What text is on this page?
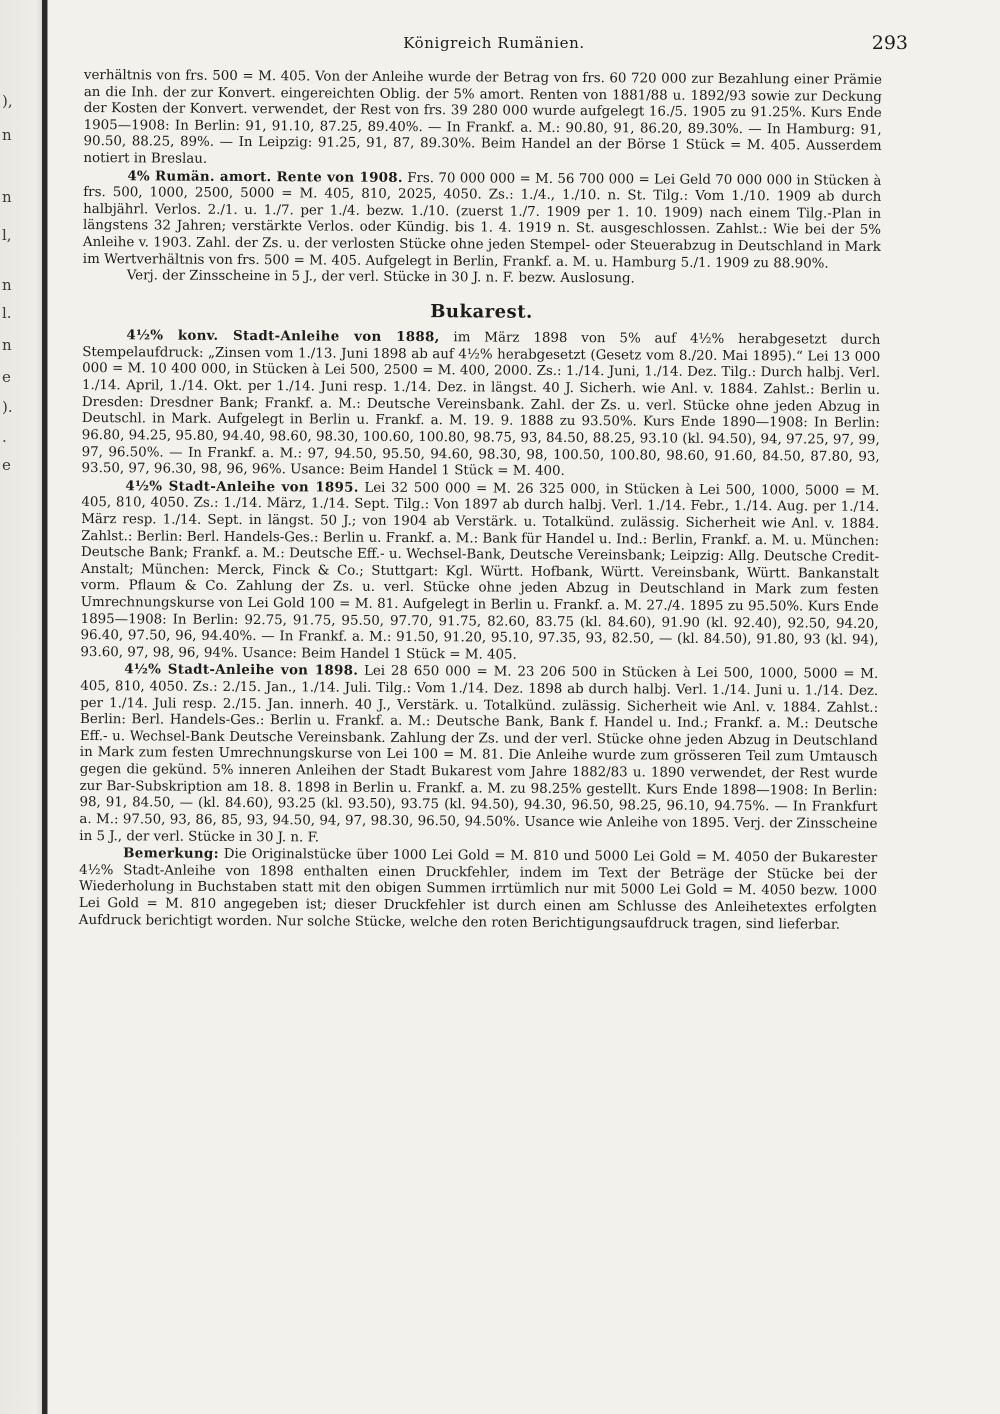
),
n
n
l,
n
l.
n
e
).
.
e
Königreich Rumänien.	293

verhältnis von frs. 500 = M. 405. Von der Anleihe wurde der Betrag von frs. 60 720 000 zur Bezahlung einer Prämie an die Inh. der zur Konvert. eingereichten Oblig. der 5% amort. Renten von 1881/88 u. 1892/93 sowie zur Deckung der Kosten der Konvert. verwendet, der Rest von frs. 39 280 000 wurde aufgelegt 16./5. 1905 zu 91.25%. Kurs Ende 1905—1908: In Berlin: 91, 91.10, 87.25, 89.40%. — In Frankf. a. M.: 90.80, 91, 86.20, 89.30%. — In Hamburg: 91, 90.50, 88.25, 89%. — In Leipzig: 91.25, 91, 87, 89.30%. Beim Handel an der Börse 1 Stück = M. 405. Ausserdem notiert in Breslau.

4% Rumän. amort. Rente von 1908. Frs. 70 000 000 = M. 56 700 000 = Lei Geld 70 000 000 in Stücken à frs. 500, 1000, 2500, 5000 = M. 405, 810, 2025, 4050. Zs.: 1./4., 1./10. n. St. Tilg.: Vom 1./10. 1909 ab durch halbjährl. Verlos. 2./1. u. 1./7. per 1./4. bezw. 1./10. (zuerst 1./7. 1909 per 1. 10. 1909) nach einem Tilg.-Plan in längstens 32 Jahren; verstärkte Verlos. oder Kündig. bis 1. 4. 1919 n. St. ausgeschlossen. Zahlst.: Wie bei der 5% Anleihe v. 1903. Zahl. der Zs. u. der verlosten Stücke ohne jeden Stempel- oder Steuerabzug in Deutschland in Mark im Wertverhältnis von frs. 500 = M. 405. Aufgelegt in Berlin, Frankf. a. M. u. Hamburg 5./1. 1909 zu 88.90%.

Verj. der Zinsscheine in 5 J., der verl. Stücke in 30 J. n. F. bezw. Auslosung.

Bukarest.

4½% konv. Stadt-Anleihe von 1888, im März 1898 von 5% auf 4½% herabgesetzt durch Stempelaufdruck: „Zinsen vom 1./13. Juni 1898 ab auf 4½% herabgesetzt (Gesetz vom 8./20. Mai 1895).“ Lei 13 000 000 = M. 10 400 000, in Stücken à Lei 500, 2500 = M. 400, 2000. Zs.: 1./14. Juni, 1./14. Dez. Tilg.: Durch halbj. Verl. 1./14. April, 1./14. Okt. per 1./14. Juni resp. 1./14. Dez. in längst. 40 J. Sicherh. wie Anl. v. 1884. Zahlst.: Berlin u. Dresden: Dresdner Bank; Frankf. a. M.: Deutsche Vereinsbank. Zahl. der Zs. u. verl. Stücke ohne jeden Abzug in Deutschl. in Mark. Aufgelegt in Berlin u. Frankf. a. M. 19. 9. 1888 zu 93.50%. Kurs Ende 1890—1908: In Berlin: 96.80, 94.25, 95.80, 94.40, 98.60, 98.30, 100.60, 100.80, 98.75, 93, 84.50, 88.25, 93.10 (kl. 94.50), 94, 97.25, 97, 99, 97, 96.50%. — In Frankf. a. M.: 97, 94.50, 95.50, 94.60, 98.30, 98, 100.50, 100.80, 98.60, 91.60, 84.50, 87.80, 93, 93.50, 97, 96.30, 98, 96, 96%. Usance: Beim Handel 1 Stück = M. 400.

4½% Stadt-Anleihe von 1895. Lei 32 500 000 = M. 26 325 000, in Stücken à Lei 500, 1000, 5000 = M. 405, 810, 4050. Zs.: 1./14. März, 1./14. Sept. Tilg.: Von 1897 ab durch halbj. Verl. 1./14. Febr., 1./14. Aug. per 1./14. März resp. 1./14. Sept. in längst. 50 J.; von 1904 ab Verstärk. u. Totalkünd. zulässig. Sicherheit wie Anl. v. 1884. Zahlst.: Berlin: Berl. Handels-Ges.: Berlin u. Frankf. a. M.: Bank für Handel u. Ind.: Berlin, Frankf. a. M. u. München: Deutsche Bank; Frankf. a. M.: Deutsche Eff.- u. Wechsel-Bank, Deutsche Vereinsbank; Leipzig: Allg. Deutsche Credit-Anstalt; München: Merck, Finck & Co.; Stuttgart: Kgl. Württ. Hofbank, Württ. Vereinsbank, Württ. Bankanstalt vorm. Pflaum & Co. Zahlung der Zs. u. verl. Stücke ohne jeden Abzug in Deutschland in Mark zum festen Umrechnungskurse von Lei Gold 100 = M. 81. Aufgelegt in Berlin u. Frankf. a. M. 27./4. 1895 zu 95.50%. Kurs Ende 1895—1908: In Berlin: 92.75, 91.75, 95.50, 97.70, 91.75, 82.60, 83.75 (kl. 84.60), 91.90 (kl. 92.40), 92.50, 94.20, 96.40, 97.50, 96, 94.40%. — In Frankf. a. M.: 91.50, 91.20, 95.10, 97.35, 93, 82.50, — (kl. 84.50), 91.80, 93 (kl. 94), 93.60, 97, 98, 96, 94%. Usance: Beim Handel 1 Stück = M. 405.

4½% Stadt-Anleihe von 1898. Lei 28 650 000 = M. 23 206 500 in Stücken à Lei 500, 1000, 5000 = M. 405, 810, 4050. Zs.: 2./15. Jan., 1./14. Juli. Tilg.: Vom 1./14. Dez. 1898 ab durch halbj. Verl. 1./14. Juni u. 1./14. Dez. per 1./14. Juli resp. 2./15. Jan. innerh. 40 J., Verstärk. u. Totalkünd. zulässig. Sicherheit wie Anl. v. 1884. Zahlst.: Berlin: Berl. Handels-Ges.: Berlin u. Frankf. a. M.: Deutsche Bank, Bank f. Handel u. Ind.; Frankf. a. M.: Deutsche Eff.- u. Wechsel-Bank Deutsche Vereinsbank. Zahlung der Zs. und der verl. Stücke ohne jeden Abzug in Deutschland in Mark zum festen Umrechnungskurse von Lei 100 = M. 81. Die Anleihe wurde zum grösseren Teil zum Umtausch gegen die gekünd. 5% inneren Anleihen der Stadt Bukarest vom Jahre 1882/83 u. 1890 verwendet, der Rest wurde zur Bar-Subskription am 18. 8. 1898 in Berlin u. Frankf. a. M. zu 98.25% gestellt. Kurs Ende 1898—1908: In Berlin: 98, 91, 84.50, — (kl. 84.60), 93.25 (kl. 93.50), 93.75 (kl. 94.50), 94.30, 96.50, 98.25, 96.10, 94.75%. — In Frankfurt a. M.: 97.50, 93, 86, 85, 93, 94.50, 94, 97, 98.30, 96.50, 94.50%. Usance wie Anleihe von 1895. Verj. der Zinsscheine in 5 J., der verl. Stücke in 30 J. n. F.

Bemerkung: Die Originalstücke über 1000 Lei Gold = M. 810 und 5000 Lei Gold = M. 4050 der Bukarester 4½% Stadt-Anleihe von 1898 enthalten einen Druckfehler, indem im Text der Beträge der Stücke bei der Wiederholung in Buchstaben statt mit den obigen Summen irrtümlich nur mit 5000 Lei Gold = M. 4050 bezw. 1000 Lei Gold = M. 810 angegeben ist; dieser Druckfehler ist durch einen am Schlusse des Anleihetextes erfolgten Aufdruck berichtigt worden. Nur solche Stücke, welche den roten Berichtigungsaufdruck tragen, sind lieferbar.
